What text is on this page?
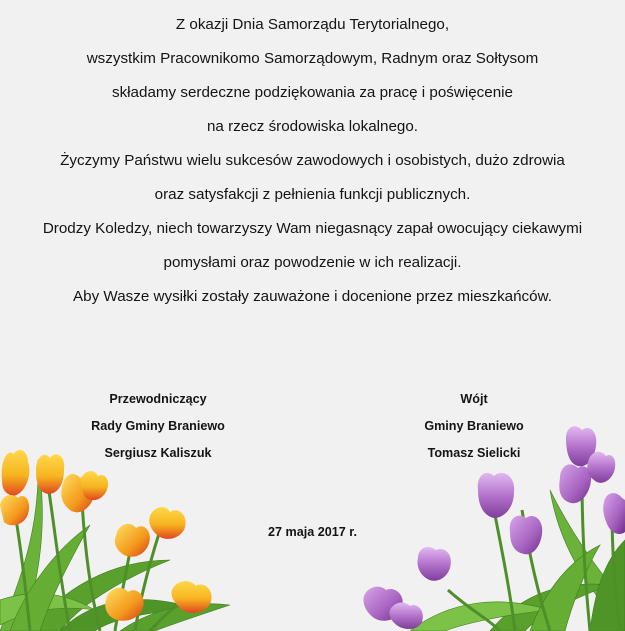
Z okazji Dnia Samorządu Terytorialnego,
wszystkim Pracownikomo Samorządowym, Radnym oraz Sołtysom
składamy serdeczne podziękowania za pracę i poświęcenie
na rzecz środowiska lokalnego.
Życzymy Państwu wielu sukcesów zawodowych i osobistych, dużo zdrowia
oraz satysfakcji z pełnienia funkcji publicznych.
Drodzy Koledzy, niech towarzyszy Wam niegasnący zapał owocujący ciekawymi
pomysłami oraz powodzenie w ich realizacji.
Aby Wasze wysiłki zostały zauważone i docenione przez mieszkańców.
Przewodniczący
Rady Gminy Braniewo
Sergiusz Kaliszuk
Wójt
Gminy Braniewo
Tomasz Sielicki
27 maja 2017 r.
